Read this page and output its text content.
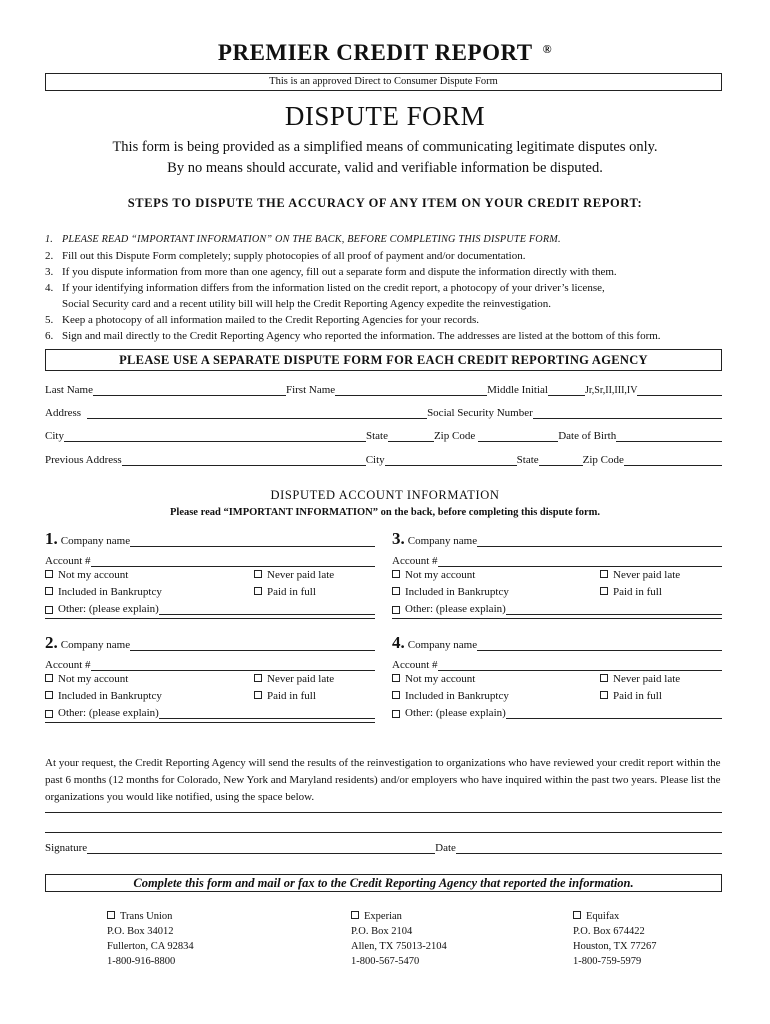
PREMIER CREDIT REPORT ®
This is an approved Direct to Consumer Dispute Form
DISPUTE FORM
This form is being provided as a simplified means of communicating legitimate disputes only.
By no means should accurate, valid and verifiable information be disputed.
STEPS TO DISPUTE THE ACCURACY OF ANY ITEM ON YOUR CREDIT REPORT:
1. PLEASE READ “IMPORTANT INFORMATION” ON THE BACK, BEFORE COMPLETING THIS DISPUTE FORM.
2. Fill out this Dispute Form completely; supply photocopies of all proof of payment and/or documentation.
3. If you dispute information from more than one agency, fill out a separate form and dispute the information directly with them.
4. If your identifying information differs from the information listed on the credit report, a photocopy of your driver’s license,
Social Security card and a recent utility bill will help the Credit Reporting Agency expedite the reinvestigation.
5. Keep a photocopy of all information mailed to the Credit Reporting Agencies for your records.
6. Sign and mail directly to the Credit Reporting Agency who reported the information. The addresses are listed at the bottom of this form.
PLEASE USE A SEPARATE DISPUTE FORM FOR EACH CREDIT REPORTING AGENCY
Last Name	First Name	Middle Initial	Jr,Sr,II,III,IV
Address	Social Security Number
City	State	Zip Code	Date of Birth
Previous Address	City	State	Zip Code
DISPUTED ACCOUNT INFORMATION
Please read “IMPORTANT INFORMATION” on the back, before completing this dispute form.
1. Company name
Account #
Not my account	Never paid late
Included in Bankruptcy	Paid in full
Other: (please explain)
3. Company name
Account #
Not my account	Never paid late
Included in Bankruptcy	Paid in full
Other: (please explain)
2. Company name
Account #
Not my account	Never paid late
Included in Bankruptcy	Paid in full
Other: (please explain)
4. Company name
Account #
Not my account	Never paid late
Included in Bankruptcy	Paid in full
Other: (please explain)
At your request, the Credit Reporting Agency will send the results of the reinvestigation to organizations who have reviewed your credit report within the past 6 months (12 months for Colorado, New York and Maryland residents) and/or employers who have inquired within the past two years. Please list the organizations you would like notified, using the space below.
Signature	Date
Complete this form and mail or fax to the Credit Reporting Agency that reported the information.
Trans Union
P.O. Box 34012
Fullerton, CA 92834
1-800-916-8800
Experian
P.O. Box 2104
Allen, TX 75013-2104
1-800-567-5470
Equifax
P.O. Box 674422
Houston, TX 77267
1-800-759-5979
